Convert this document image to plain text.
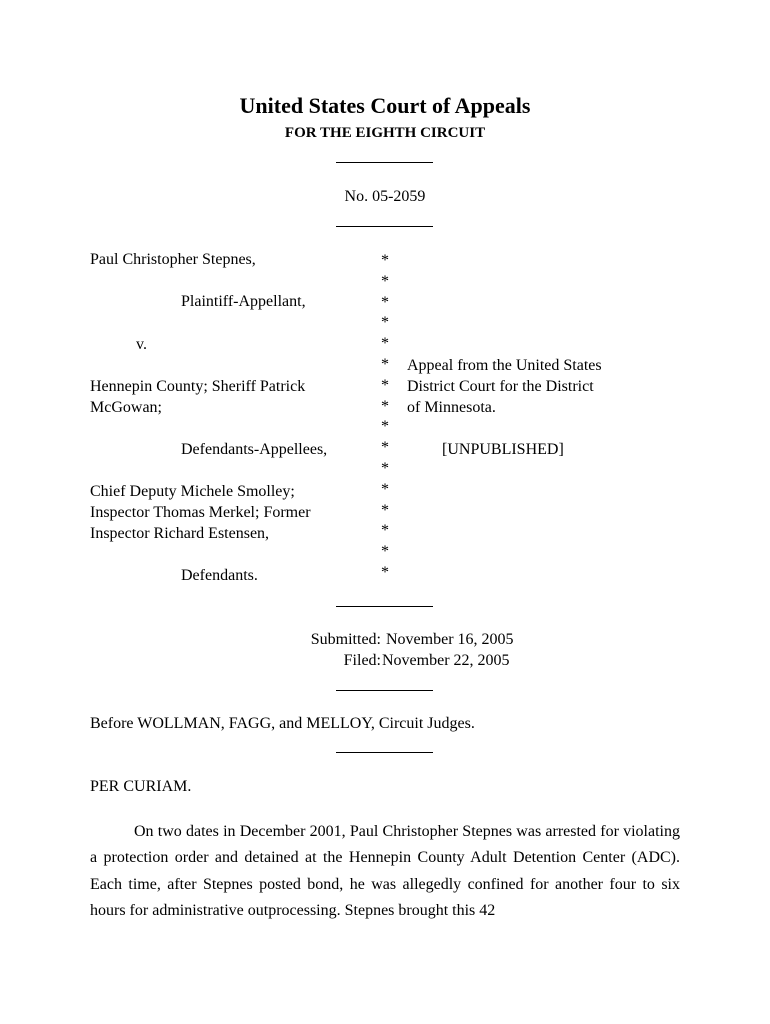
United States Court of Appeals
FOR THE EIGHTH CIRCUIT
No. 05-2059
Paul Christopher Stepnes,
Plaintiff-Appellant,
v.
Hennepin County; Sheriff Patrick
McGowan;
Defendants-Appellees,
Chief Deputy Michele Smolley;
Inspector Thomas Merkel; Former
Inspector Richard Estensen,
Defendants.
*
*
*
*
*
*
*
*
*
*
*
*
*
*
*
*
Appeal from the United States
District Court for the District
of Minnesota.
[UNPUBLISHED]
Submitted: November 16, 2005
Filed: November 22, 2005
Before WOLLMAN, FAGG, and MELLOY, Circuit Judges.
PER CURIAM.
On two dates in December 2001, Paul Christopher Stepnes was arrested for violating a protection order and detained at the Hennepin County Adult Detention Center (ADC). Each time, after Stepnes posted bond, he was allegedly confined for another four to six hours for administrative outprocessing. Stepnes brought this 42
